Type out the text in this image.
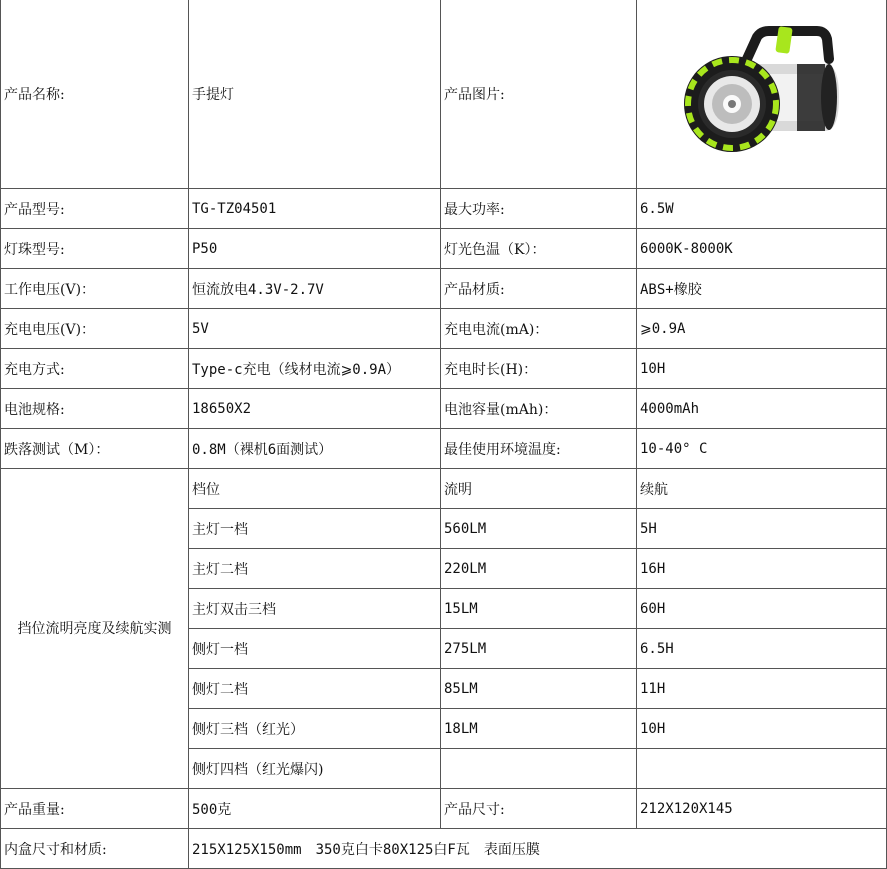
产品名称:	手提灯	产品图片:	

产品型号:	TG-TZ04501	最大功率:	6.5W
灯珠型号:	P50	灯光色温（K）：	6000K-8000K
工作电压(V)：	恒流放电4.3V-2.7V	产品材质:	ABS+橡胶
充电电压(V)：	5V	充电电流(mA)：	⩾0.9A
充电方式:	Type-c充电（线材电流⩾0.9A）	充电时长(H)：	10H
电池规格:	18650X2	电池容量(mAh)：	4000mAh
跌落测试（M）：	0.8M（裸机6面测试）	最佳使用环境温度:	10-40° C
挡位流明亮度及续航实测	档位	流明	续航
	主灯一档	560LM	5H
	主灯二档	220LM	16H
	主灯双击三档	15LM	60H
	侧灯一档	275LM	6.5H
	侧灯二档	85LM	11H
	侧灯三档（红光）	18LM	10H
	侧灯四档（红光爆闪)		
产品重量:	500克	产品尺寸:	212X120X145
内盒尺寸和材质:	215X125X150mm　350克白卡80X125白F瓦　表面压膜		
